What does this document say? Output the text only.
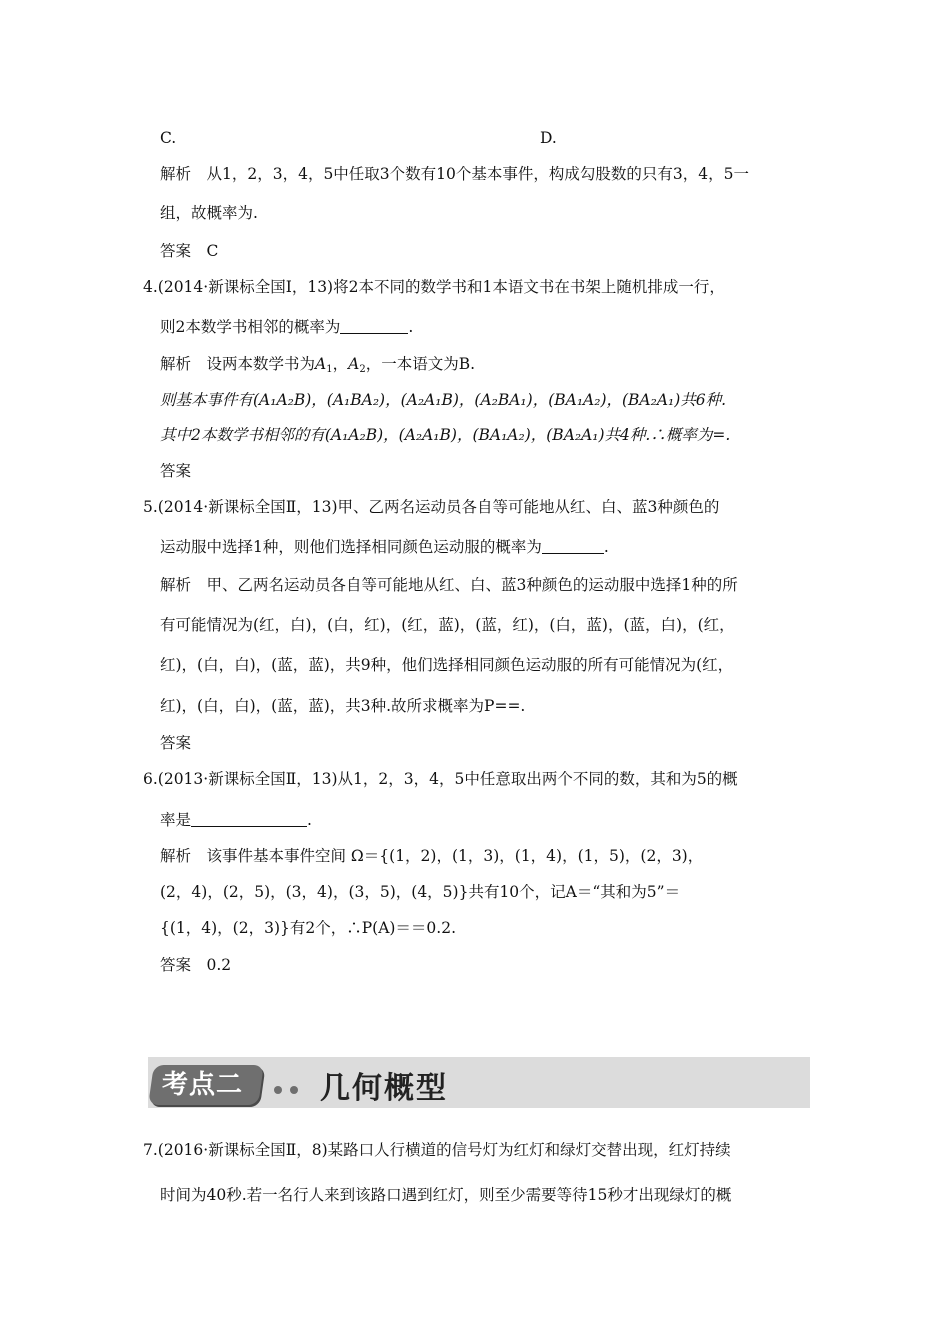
C.	D.
解析　从1，2，3，4，5中任取3个数有10个基本事件，构成勾股数的只有3，4，5一
组，故概率为.
答案　C
4.(2014·新课标全国Ⅰ，13)将2本不同的数学书和1本语文书在书架上随机排成一行，
则2本数学书相邻的概率为	.
解析　设两本数学书为$A_1$，$A_2$，一本语文为B.
则基本事件有(A₁A₂B)，(A₁BA₂)，(A₂A₁B)，(A₂BA₁)，(BA₁A₂)，(BA₂A₁)共6种.
其中2本数学书相邻的有(A₁A₂B)，(A₂A₁B)，(BA₁A₂)，(BA₂A₁)共4种.∴概率为=.
答案
5.(2014·新课标全国Ⅱ，13)甲、乙两名运动员各自等可能地从红、白、蓝3种颜色的
运动服中选择1种，则他们选择相同颜色运动服的概率为	.
解析　甲、乙两名运动员各自等可能地从红、白、蓝3种颜色的运动服中选择1种的所
有可能情况为(红，白)，(白，红)，(红，蓝)，(蓝，红)，(白，蓝)，(蓝，白)，(红，
红)，(白，白)，(蓝，蓝)，共9种，他们选择相同颜色运动服的所有可能情况为(红，
红)，(白，白)，(蓝，蓝)，共3种.故所求概率为P==.
答案
6.(2013·新课标全国Ⅱ，13)从1，2，3，4，5中任意取出两个不同的数，其和为5的概
率是	.
解析　该事件基本事件空间 Ω＝{(1，2)，(1，3)，(1，4)，(1，5)，(2，3)，
(2，4)，(2，5)，(3，4)，(3，5)，(4，5)}共有10个，记A＝“其和为5”＝
{(1，4)，(2，3)}有2个，∴P(A)＝＝0.2.
答案　0.2
考点二	几何概型
7.(2016·新课标全国Ⅱ，8)某路口人行横道的信号灯为红灯和绿灯交替出现，红灯持续
时间为40秒.若一名行人来到该路口遇到红灯，则至少需要等待15秒才出现绿灯的概
